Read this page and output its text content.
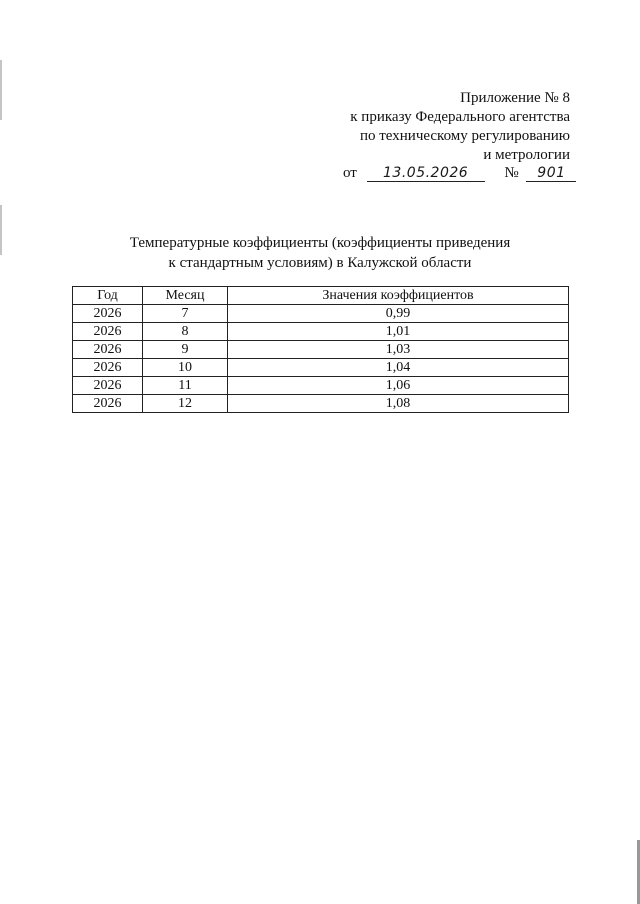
Приложение № 8
к приказу Федерального агентства
по техническому регулированию
и метрологии
от 13.05.2026 № 901
Температурные коэффициенты (коэффициенты приведения
к стандартным условиям) в Калужской области
Год	Месяц	Значения коэффициентов
2026	7	0,99
2026	8	1,01
2026	9	1,03
2026	10	1,04
2026	11	1,06
2026	12	1,08
